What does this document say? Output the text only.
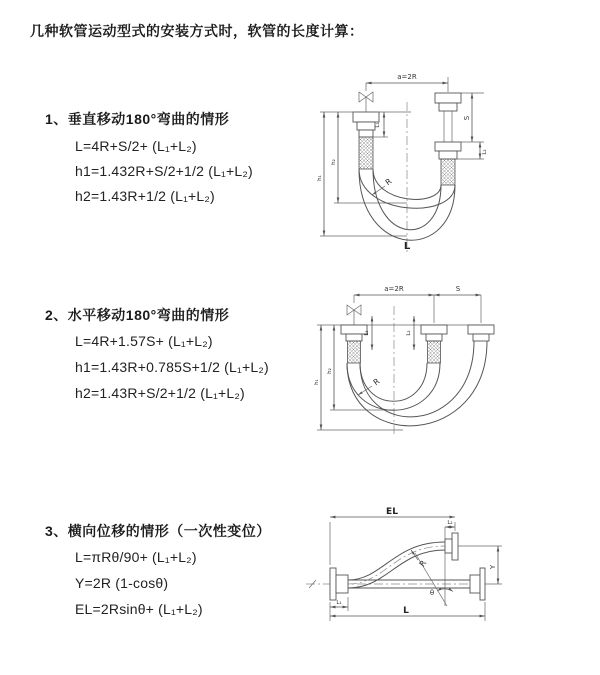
几种软管运动型式的安装方式时，软管的长度计算：
1、垂直移动180°弯曲的情形
L=4R+S/2+ (L₁+L₂)
h1=1.432R+S/2+1/2 (L₁+L₂)
h2=1.43R+1/2 (L₁+L₂)
2、水平移动180°弯曲的情形
L=4R+1.57S+ (L₁+L₂)
h1=1.43R+0.785S+1/2 (L₁+L₂)
h2=1.43R+S/2+1/2 (L₁+L₂)
3、横向位移的情形（一次性变位）
L=πRθ/90+ (L₁+L₂)
Y=2R (1-cosθ)
EL=2Rsinθ+ (L₁+L₂)
a=2R
L₁
S
L₂
h₂
h₁	R
L
a=2R	S
L₁	L₂
h₂
h₁	R
EL
L₂
Y
θ
R
L₁
L
